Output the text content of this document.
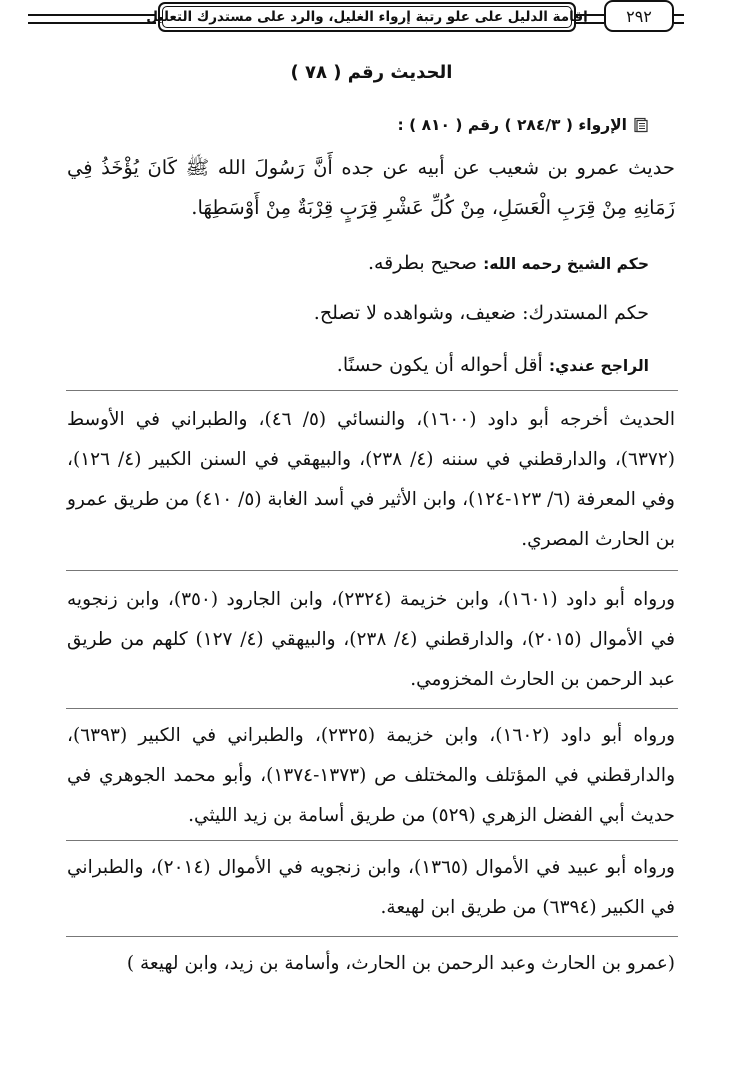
إقامة الدليل على علو رتبة إرواء الغليل، والرد على مستدرك التعليل	٢٩٢
الحديث رقم ( ٧٨ )
الإرواء ( ٢٨٤/٣ ) رقم ( ٨١٠ ) :
حديث عمرو بن شعيب عن أبيه عن جده أَنَّ رَسُولَ الله ﷺ كَانَ يُؤْخَذُ فِي زَمَانِهِ مِنْ قِرَبِ الْعَسَلِ، مِنْ كُلِّ عَشْرِ قِرَبٍ قِرْبَةٌ مِنْ أَوْسَطِهَا.
حكم الشيخ رحمه الله: صحيح بطرقه.
حكم المستدرك: ضعيف، وشواهده لا تصلح.
الراجح عندي: أقل أحواله أن يكون حسنًا.
الحديث أخرجه أبو داود (١٦٠٠)، والنسائي (٥/ ٤٦)، والطبراني في الأوسط (٦٣٧٢)، والدارقطني في سننه (٤/ ٢٣٨)، والبيهقي في السنن الكبير (٤/ ١٢٦)، وفي المعرفة (٦/ ١٢٣-١٢٤)، وابن الأثير في أسد الغابة (٥/ ٤١٠) من طريق عمرو بن الحارث المصري.
ورواه أبو داود (١٦٠١)، وابن خزيمة (٢٣٢٤)، وابن الجارود (٣٥٠)، وابن زنجويه في الأموال (٢٠١٥)، والدارقطني (٤/ ٢٣٨)، والبيهقي (٤/ ١٢٧) كلهم من طريق عبد الرحمن بن الحارث المخزومي.
ورواه أبو داود (١٦٠٢)، وابن خزيمة (٢٣٢٥)، والطبراني في الكبير (٦٣٩٣)، والدارقطني في المؤتلف والمختلف ص (١٣٧٣-١٣٧٤)، وأبو محمد الجوهري في حديث أبي الفضل الزهري (٥٢٩) من طريق أسامة بن زيد الليثي.
ورواه أبو عبيد في الأموال (١٣٦٥)، وابن زنجويه في الأموال (٢٠١٤)، والطبراني في الكبير (٦٣٩٤) من طريق ابن لهيعة.
(عمرو بن الحارث وعبد الرحمن بن الحارث، وأسامة بن زيد، وابن لهيعة )
